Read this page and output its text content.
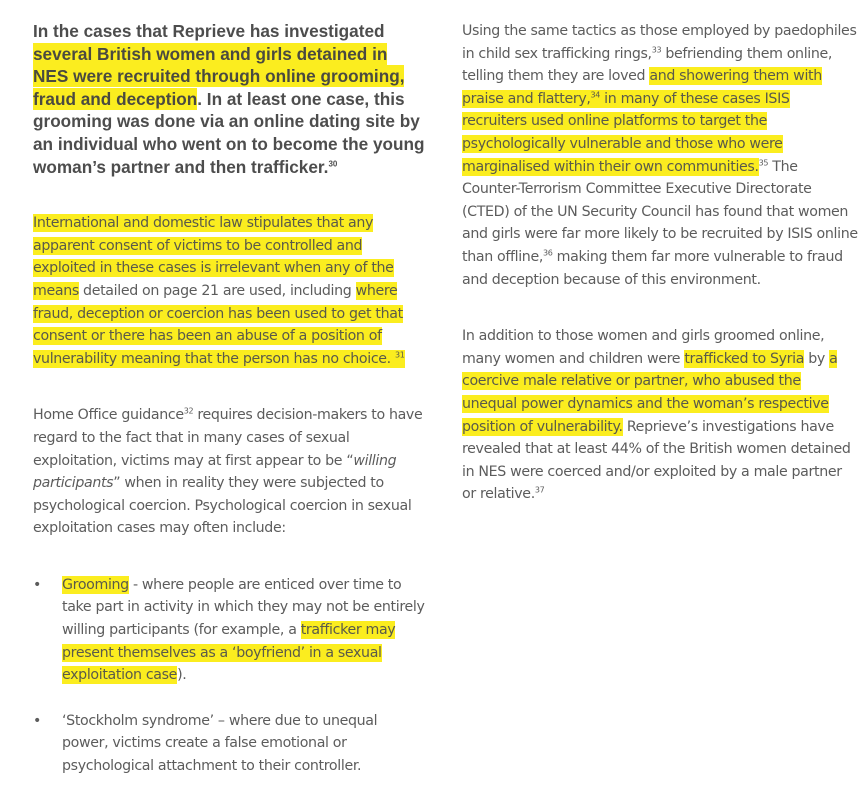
In the cases that Reprieve has investigated several British women and girls detained in NES were recruited through online grooming, fraud and deception. In at least one case, this grooming was done via an online dating site by an individual who went on to become the young woman’s partner and then trafficker.$^{30}$

International and domestic law stipulates that any apparent consent of victims to be controlled and exploited in these cases is irrelevant when any of the means detailed on page 21 are used, including where fraud, deception or coercion has been used to get that consent or there has been an abuse of a position of vulnerability meaning that the person has no choice. $^{31}$

Home Office guidance$^{32}$ requires decision-makers to have regard to the fact that in many cases of sexual exploitation, victims may at first appear to be “willing participants” when in reality they were subjected to psychological coercion. Psychological coercion in sexual exploitation cases may often include:

• Grooming - where people are enticed over time to take part in activity in which they may not be entirely willing participants (for example, a trafficker may present themselves as a ‘boyfriend’ in a sexual exploitation case).
• ‘Stockholm syndrome’ – where due to unequal power, victims create a false emotional or psychological attachment to their controller.

Using the same tactics as those employed by paedophiles in child sex trafficking rings,$^{33}$ befriending them online, telling them they are loved and showering them with praise and flattery,$^{34}$ in many of these cases ISIS recruiters used online platforms to target the psychologically vulnerable and those who were marginalised within their own communities.$^{35}$ The Counter-Terrorism Committee Executive Directorate (CTED) of the UN Security Council has found that women and girls were far more likely to be recruited by ISIS online than offline,$^{36}$ making them far more vulnerable to fraud and deception because of this environment.

In addition to those women and girls groomed online, many women and children were trafficked to Syria by a coercive male relative or partner, who abused the unequal power dynamics and the woman’s respective position of vulnerability. Reprieve’s investigations have revealed that at least 44% of the British women detained in NES were coerced and/or exploited by a male partner or relative.$^{37}$
